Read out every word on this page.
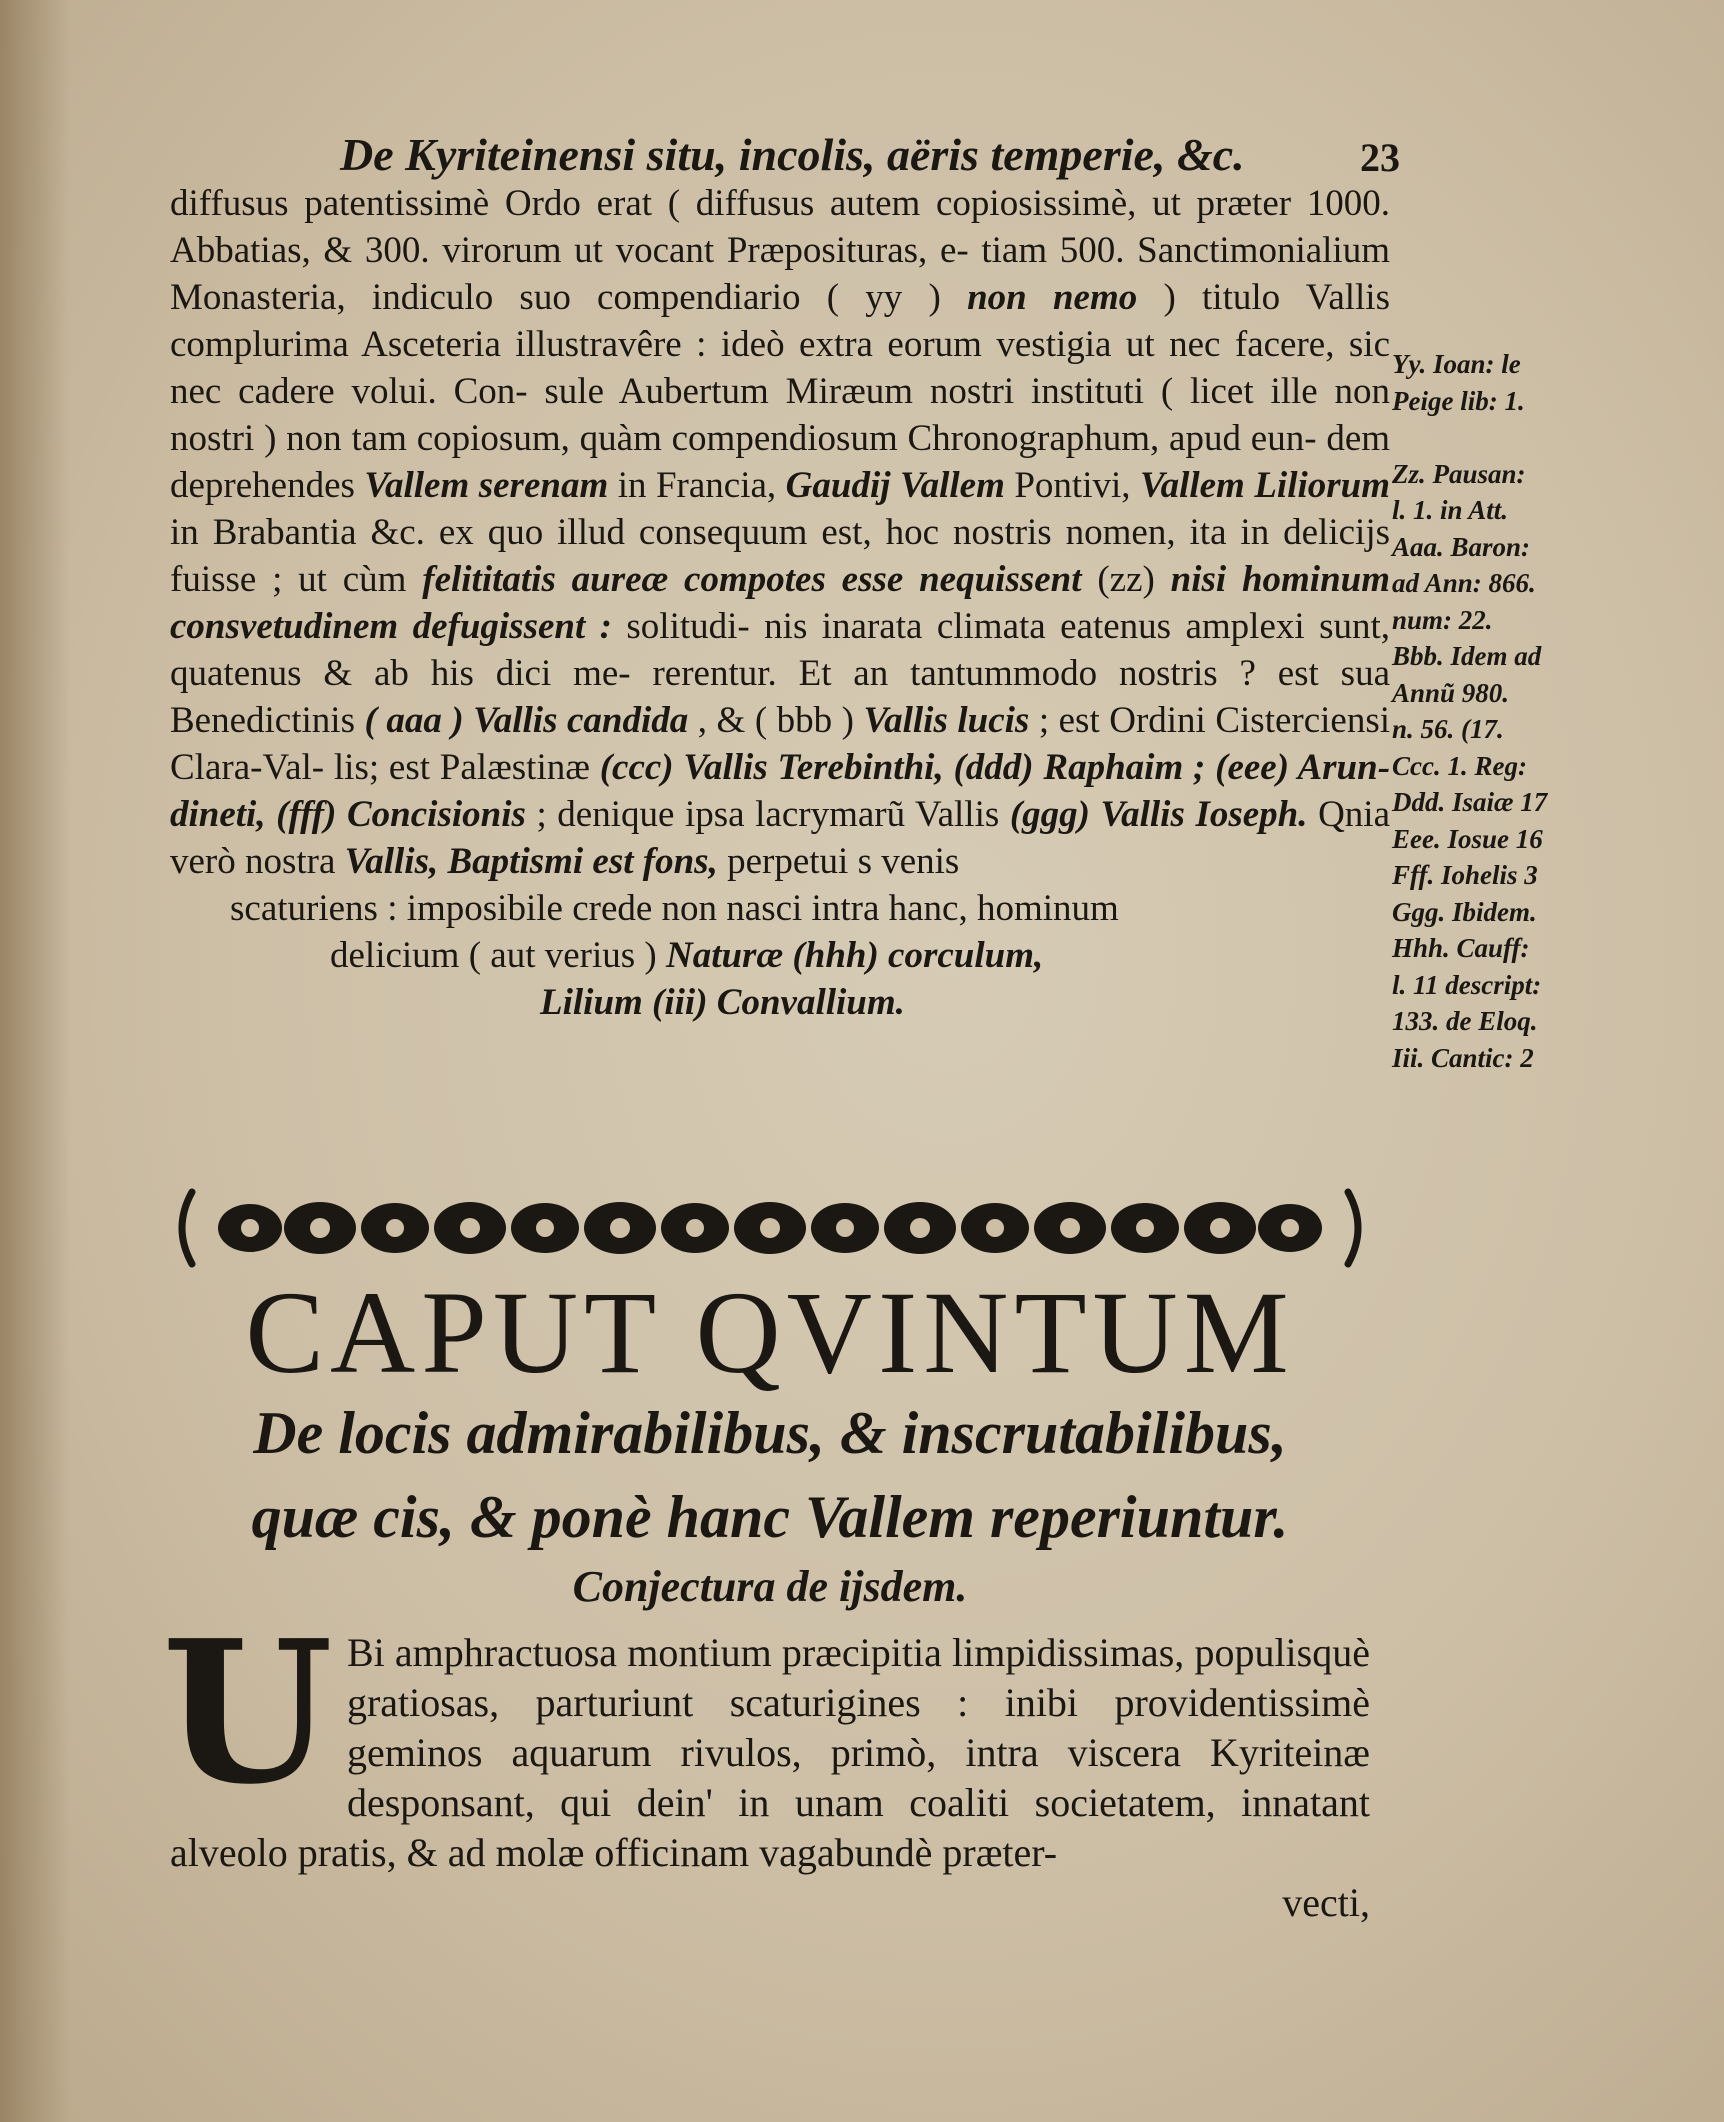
De Kyriteinensi situ, incolis, aëris temperie, &c.	23

diffusus patentissimè Ordo erat ( diffusus autem copiosissimè, ut præter 1000. Abbatias, & 300. virorum ut vocant Præposituras, e- tiam 500. Sanctimonialium Monasteria, indiculo suo compendiario ( yy ) non nemo ) titulo Vallis complurima Asceteria illustravêre : ideò extra eorum vestigia ut nec facere, sic nec cadere volui. Con- sule Aubertum Miræum nostri instituti ( licet ille non nostri ) non tam copiosum, quàm compendiosum Chronographum, apud eun- dem deprehendes Vallem serenam in Francia, Gaudij Vallem Pontivi, Vallem Liliorum in Brabantia &c. ex quo illud consequum est, hoc nostris nomen, ita in delicijs fuisse ; ut cùm felititatis aureæ compotes esse nequissent (zz) nisi hominum consvetudinem defugissent : solitudi- nis inarata climata eatenus amplexi sunt, quatenus & ab his dici me- rerentur. Et an tantummodo nostris ? est sua Benedictinis ( aaa ) Vallis candida , & ( bbb ) Vallis lucis ; est Ordini Cisterciensi Clara-Val- lis; est Palæstinæ (ccc) Vallis Terebinthi, (ddd) Raphaim ; (eee) Arun- dineti, (fff) Concisionis ; denique ipsa lacrymarũ Vallis (ggg) Vallis Ioseph. Qnia verò nostra Vallis, Baptismi est fons, perpetui s venis

scaturiens : imposibile crede non nasci intra hanc, hominum
delicium ( aut verius ) Naturæ (hhh) corculum,
Lilium (iii) Convallium.
Yy. Ioan: le
Peige lib: 1.
Zz. Pausan:
l. 1. in Att.
Aaa. Baron:
ad Ann: 866.
num: 22.
Bbb. Idem ad
Annũ 980.
n. 56. (17.
Ccc. 1. Reg:
Ddd. Isaiæ 17
Eee. Iosue 16
Fff. Iohelis 3
Ggg. Ibidem.
Hhh. Cauff:
l. 11 descript:
133. de Eloq.
Iii. Cantic: 2
CAPUT QVINTUM
De locis admirabilibus, & inscrutabilibus,
quæ cis, & ponè hanc Vallem reperiuntur.
Conjectura de ijsdem.
U Bi amphractuosa montium præcipitia limpidissimas, populisquè gratiosas, parturiunt scaturigines : inibi providentissimè geminos aquarum rivulos, primò, intra viscera Kyriteinæ desponsant, qui dein' in unam coaliti societatem, innatant alveolo pratis, & ad molæ officinam vagabundè præter-
vecti,
